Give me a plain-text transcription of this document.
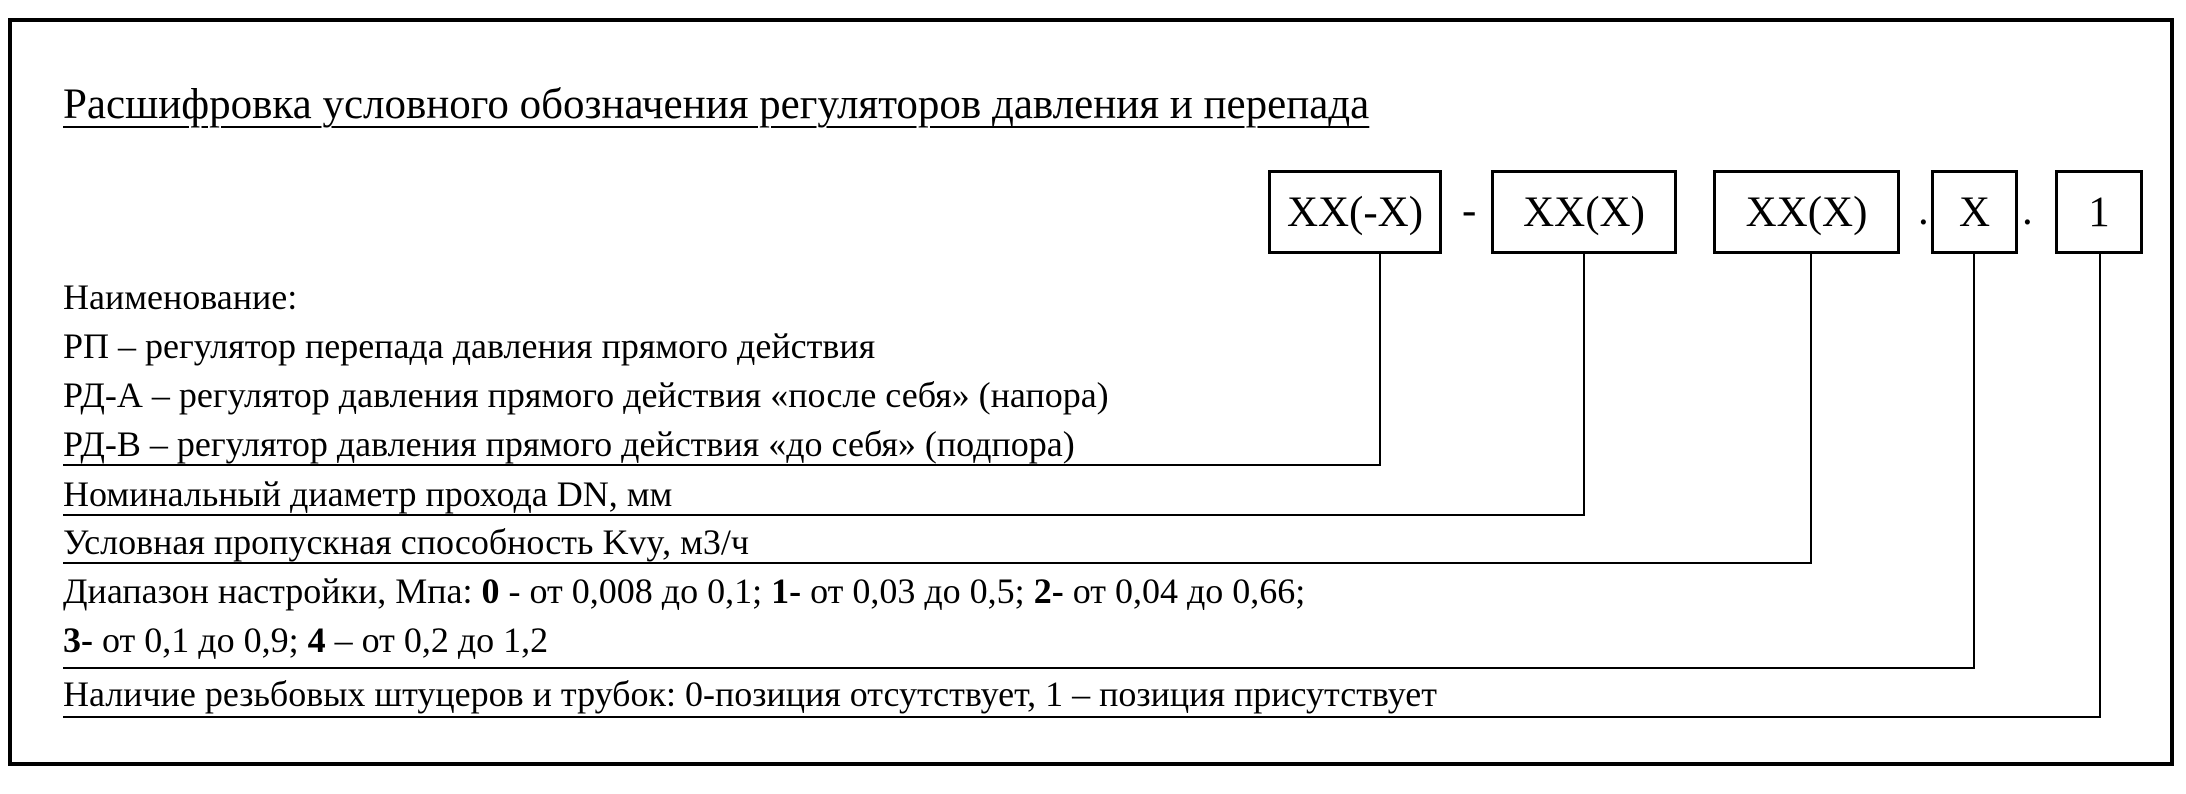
Расшифровка условного обозначения регуляторов давления и перепада
XX(-X) -	XX(X)	XX(X)	. X .	1
Наименование:
РП – регулятор перепада давления прямого действия
РД-А – регулятор давления прямого действия «после себя» (напора)
РД-В – регулятор давления прямого действия «до себя» (подпора)
Номинальный диаметр прохода DN, мм
Условная пропускная способность Kvy, м3/ч
Диапазон настройки, Мпа: 0 - от 0,008 до 0,1; 1- от 0,03 до 0,5; 2- от 0,04 до 0,66;
3- от 0,1 до 0,9; 4 – от 0,2 до 1,2
Наличие резьбовых штуцеров и трубок: 0-позиция отсутствует, 1 – позиция присутствует
